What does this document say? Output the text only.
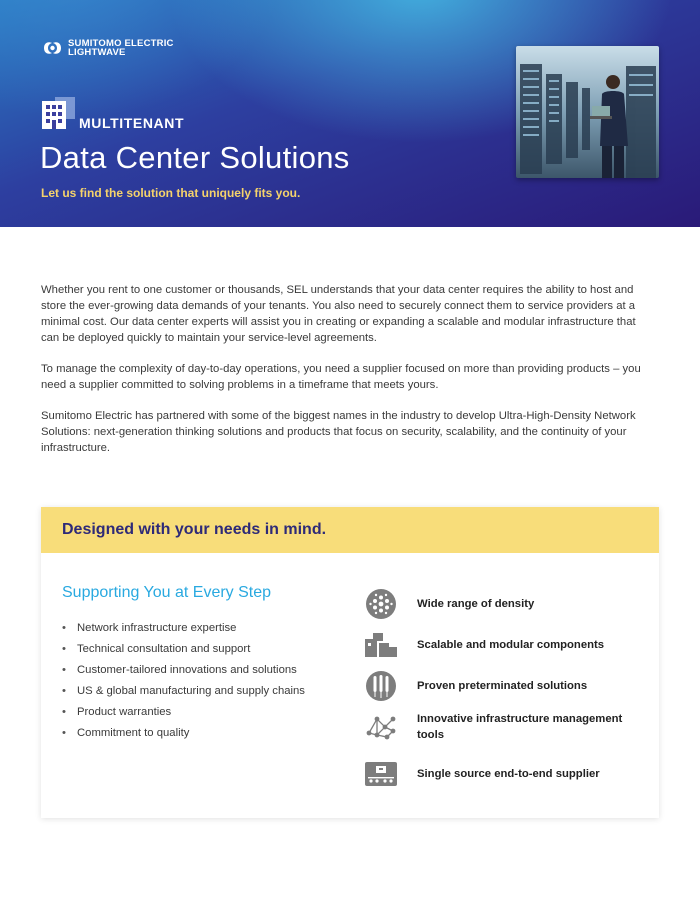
SUMITOMO ELECTRIC
LIGHTWAVE
MULTITENANT
Data Center Solutions
Let us find the solution that uniquely fits you.

Whether you rent to one customer or thousands, SEL understands that your data center requires the ability to host and store the ever-growing data demands of your tenants. You also need to securely connect them to service providers at a minimal cost. Our data center experts will assist you in creating or expanding a scalable and modular infrastructure that can be deployed quickly to maintain your service-level agreements.

To manage the complexity of day-to-day operations, you need a supplier focused on more than providing products – you need a supplier committed to solving problems in a timeframe that meets yours.

Sumitomo Electric has partnered with some of the biggest names in the industry to develop Ultra-High-Density Network Solutions: next-generation thinking solutions and products that focus on security, scalability, and the continuity of your infrastructure.

Designed with your needs in mind.
Supporting You at Every Step
• Network infrastructure expertise
• Technical consultation and support
• Customer-tailored innovations and solutions
• US & global manufacturing and supply chains
• Product warranties
• Commitment to quality
Wide range of density
Scalable and modular components
Proven preterminated solutions
Innovative infrastructure management tools
Single source end-to-end supplier
